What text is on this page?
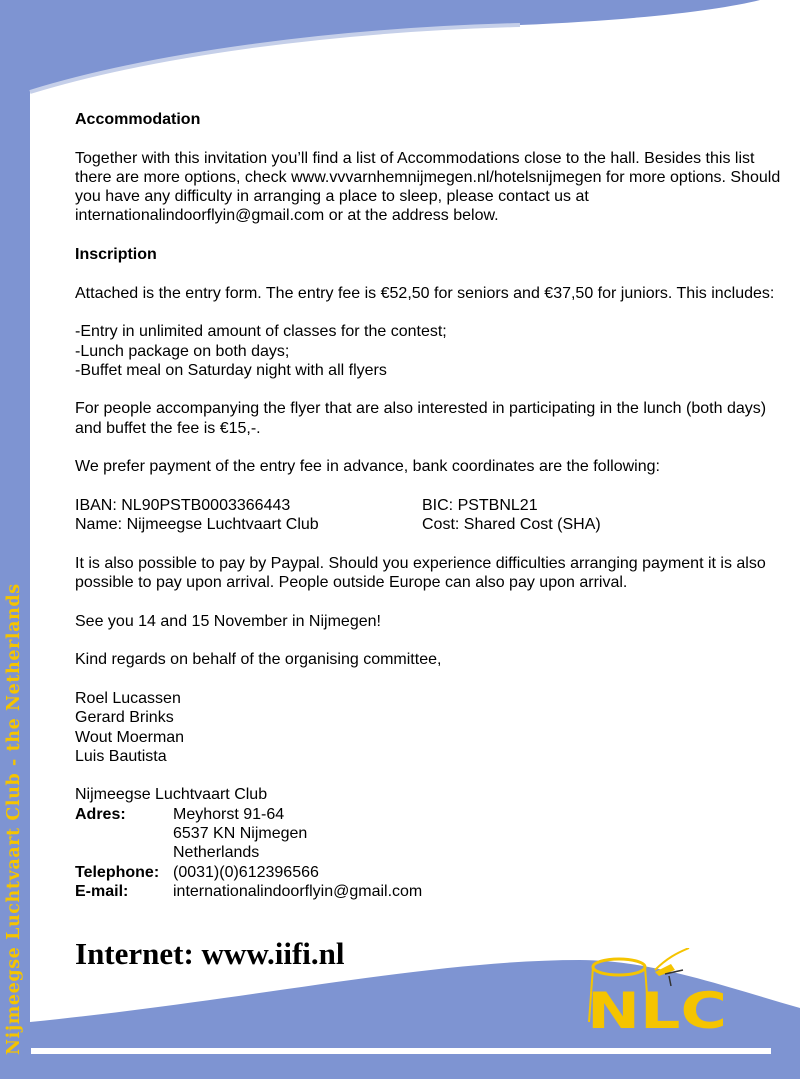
Nijmeegse Luchtvaart Club - the Netherlands
Accommodation

Together with this invitation you’ll find a list of Accommodations close to the hall. Besides this list there are more options, check www.vvvarnhemnijmegen.nl/hotelsnijmegen for more options. Should you have any difficulty in arranging a place to sleep, please contact us at internationalindoorflyin@gmail.com or at the address below.

Inscription

Attached is the entry form. The entry fee is €52,50 for seniors and €37,50 for juniors. This includes:

-Entry in unlimited amount of classes for the contest;
-Lunch package on both days;
-Buffet meal on Saturday night with all flyers

For people accompanying the flyer that are also interested in participating in the lunch (both days) and buffet the fee is €15,-.

We prefer payment of the entry fee in advance, bank coordinates are the following:

IBAN: NL90PSTB0003366443	BIC: PSTBNL21
Name: Nijmeegse Luchtvaart Club	Cost: Shared Cost (SHA)

It is also possible to pay by Paypal. Should you experience difficulties arranging payment it is also possible to pay upon arrival. People outside Europe can also pay upon arrival.

See you 14 and 15 November in Nijmegen!

Kind regards on behalf of the organising committee,

Roel Lucassen
Gerard Brinks
Wout Moerman
Luis Bautista

Nijmeegse Luchtvaart Club
Adres:	Meyhorst 91-64
6537 KN Nijmegen
Netherlands
Telephone: (0031)(0)612396566
E-mail:	internationalindoorflyin@gmail.com
Internet: www.iifi.nl
NLC
